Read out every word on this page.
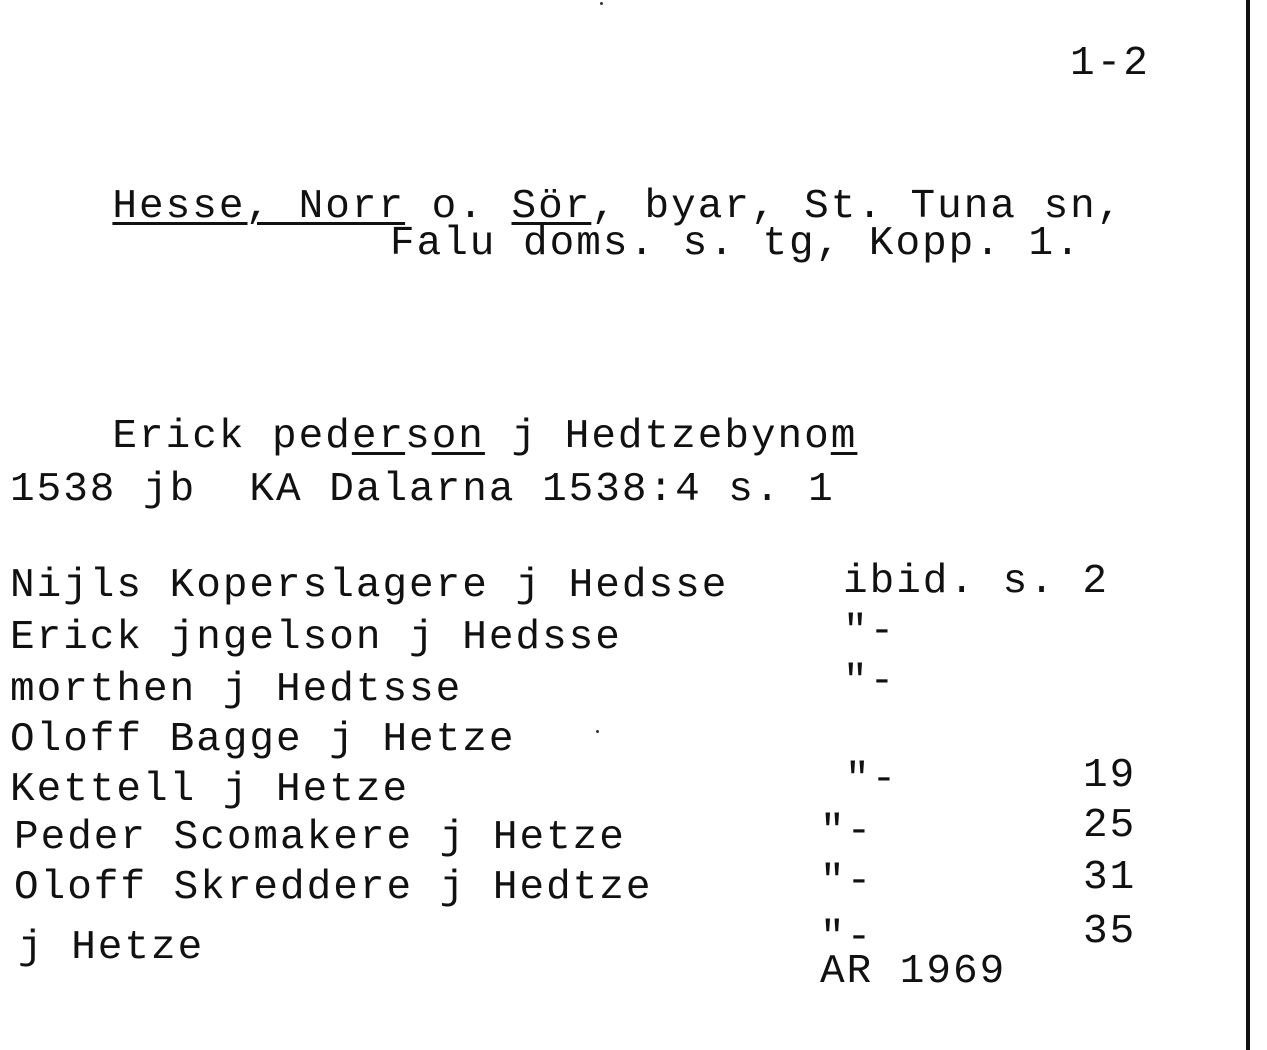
1-2

Hesse, Norr o. Sör, byar, St. Tuna sn,

Falu doms. s. tg, Kopp. 1.

Erick pederson j Hedtzebynom

1538 jb  KA Dalarna 1538:4 s. 1
Nijls Koperslagere j Hedsse	ibid. s. 2
Erick jngelson j Hedsse	"-
morthen j Hedtsse	"-
Oloff Bagge j Hetze
Kettell j Hetze	"-	19
Peder Scomakere j Hetze	"-	25
Oloff Skreddere j Hedtze	"-	31
j Hetze	"-	35
AR 1969
